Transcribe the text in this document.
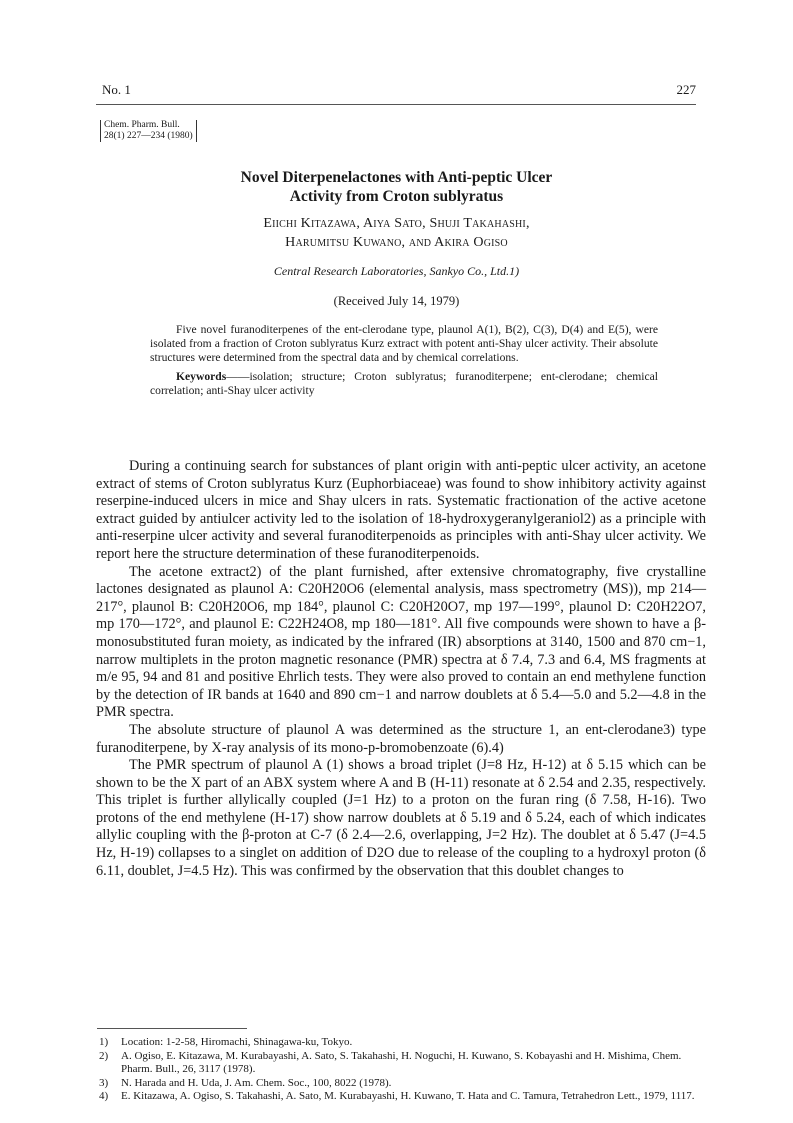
No. 1	227
Chem. Pharm. Bull.
28(1) 227—234 (1980)
Novel Diterpenelactones with Anti-peptic Ulcer
Activity from Croton sublyratus
Eiichi Kitazawa, Aiya Sato, Shuji Takahashi,
Harumitsu Kuwano, and Akira Ogiso
Central Research Laboratories, Sankyo Co., Ltd.1)
(Received July 14, 1979)

Five novel furanoditerpenes of the ent-clerodane type, plaunol A(1), B(2), C(3), D(4) and E(5), were isolated from a fraction of Croton sublyratus Kurz extract with potent anti-Shay ulcer activity. Their absolute structures were determined from the spectral data and by chemical correlations.

Keywords——isolation; structure; Croton sublyratus; furanoditerpene; ent-clerodane; chemical correlation; anti-Shay ulcer activity

During a continuing search for substances of plant origin with anti-peptic ulcer activity, an acetone extract of stems of Croton sublyratus Kurz (Euphorbiaceae) was found to show inhibitory activity against reserpine-induced ulcers in mice and Shay ulcers in rats. Systematic fractionation of the active acetone extract guided by antiulcer activity led to the isolation of 18-hydroxygeranylgeraniol2) as a principle with anti-reserpine ulcer activity and several furanoditerpenoids as principles with anti-Shay ulcer activity. We report here the structure determination of these furanoditerpenoids.

The acetone extract2) of the plant furnished, after extensive chromatography, five crystalline lactones designated as plaunol A: C20H20O6 (elemental analysis, mass spectrometry (MS)), mp 214—217°, plaunol B: C20H20O6, mp 184°, plaunol C: C20H20O7, mp 197—199°, plaunol D: C20H22O7, mp 170—172°, and plaunol E: C22H24O8, mp 180—181°. All five compounds were shown to have a β-monosubstituted furan moiety, as indicated by the infrared (IR) absorptions at 3140, 1500 and 870 cm−1, narrow multiplets in the proton magnetic resonance (PMR) spectra at δ 7.4, 7.3 and 6.4, MS fragments at m/e 95, 94 and 81 and positive Ehrlich tests. They were also proved to contain an end methylene function by the detection of IR bands at 1640 and 890 cm−1 and narrow doublets at δ 5.4—5.0 and 5.2—4.8 in the PMR spectra.

The absolute structure of plaunol A was determined as the structure 1, an ent-clerodane3) type furanoditerpene, by X-ray analysis of its mono-p-bromobenzoate (6).4)

The PMR spectrum of plaunol A (1) shows a broad triplet (J=8 Hz, H-12) at δ 5.15 which can be shown to be the X part of an ABX system where A and B (H-11) resonate at δ 2.54 and 2.35, respectively. This triplet is further allylically coupled (J=1 Hz) to a proton on the furan ring (δ 7.58, H-16). Two protons of the end methylene (H-17) show narrow doublets at δ 5.19 and δ 5.24, each of which indicates allylic coupling with the β-proton at C-7 (δ 2.4—2.6, overlapping, J=2 Hz). The doublet at δ 5.47 (J=4.5 Hz, H-19) collapses to a singlet on addition of D2O due to release of the coupling to a hydroxyl proton (δ 6.11, doublet, J=4.5 Hz). This was confirmed by the observation that this doublet changes to

1) Location: 1-2-58, Hiromachi, Shinagawa-ku, Tokyo.
2) A. Ogiso, E. Kitazawa, M. Kurabayashi, A. Sato, S. Takahashi, H. Noguchi, H. Kuwano, S. Kobayashi and H. Mishima, Chem. Pharm. Bull., 26, 3117 (1978).
3) N. Harada and H. Uda, J. Am. Chem. Soc., 100, 8022 (1978).
4) E. Kitazawa, A. Ogiso, S. Takahashi, A. Sato, M. Kurabayashi, H. Kuwano, T. Hata and C. Tamura, Tetrahedron Lett., 1979, 1117.
